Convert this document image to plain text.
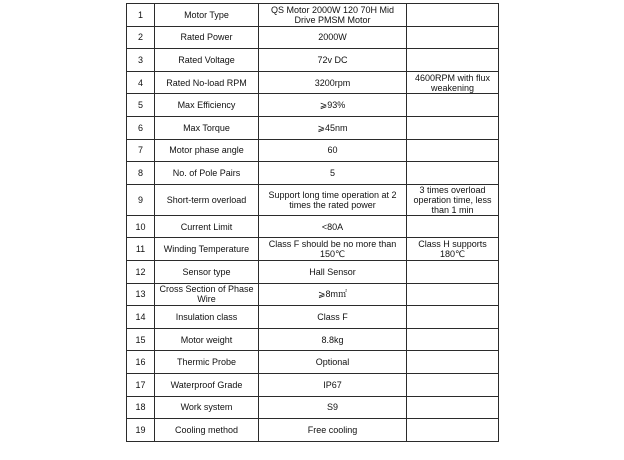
1	Motor Type	QS Motor 2000W 120 70H Mid Drive PMSM Motor	
2	Rated Power	2000W	
3	Rated Voltage	72v DC	
4	Rated No-load RPM	3200rpm	4600RPM with flux weakening
5	Max Efficiency	⩾93%	
6	Max Torque	⩾45nm	
7	Motor phase angle	60	
8	No. of Pole Pairs	5	
9	Short-term overload	Support long time operation at 2 times the rated power	3 times overload operation time, less than 1 min
10	Current Limit	<80A	
11	Winding Temperature	Class F should be no more than 150℃	Class H supports 180℃
12	Sensor type	Hall Sensor	
13	Cross Section of Phase Wire	⩾8m㎡	
14	Insulation class	Class F	
15	Motor weight	8.8kg	
16	Thermic Probe	Optional	
17	Waterproof Grade	IP67	
18	Work system	S9	
19	Cooling method	Free cooling	
